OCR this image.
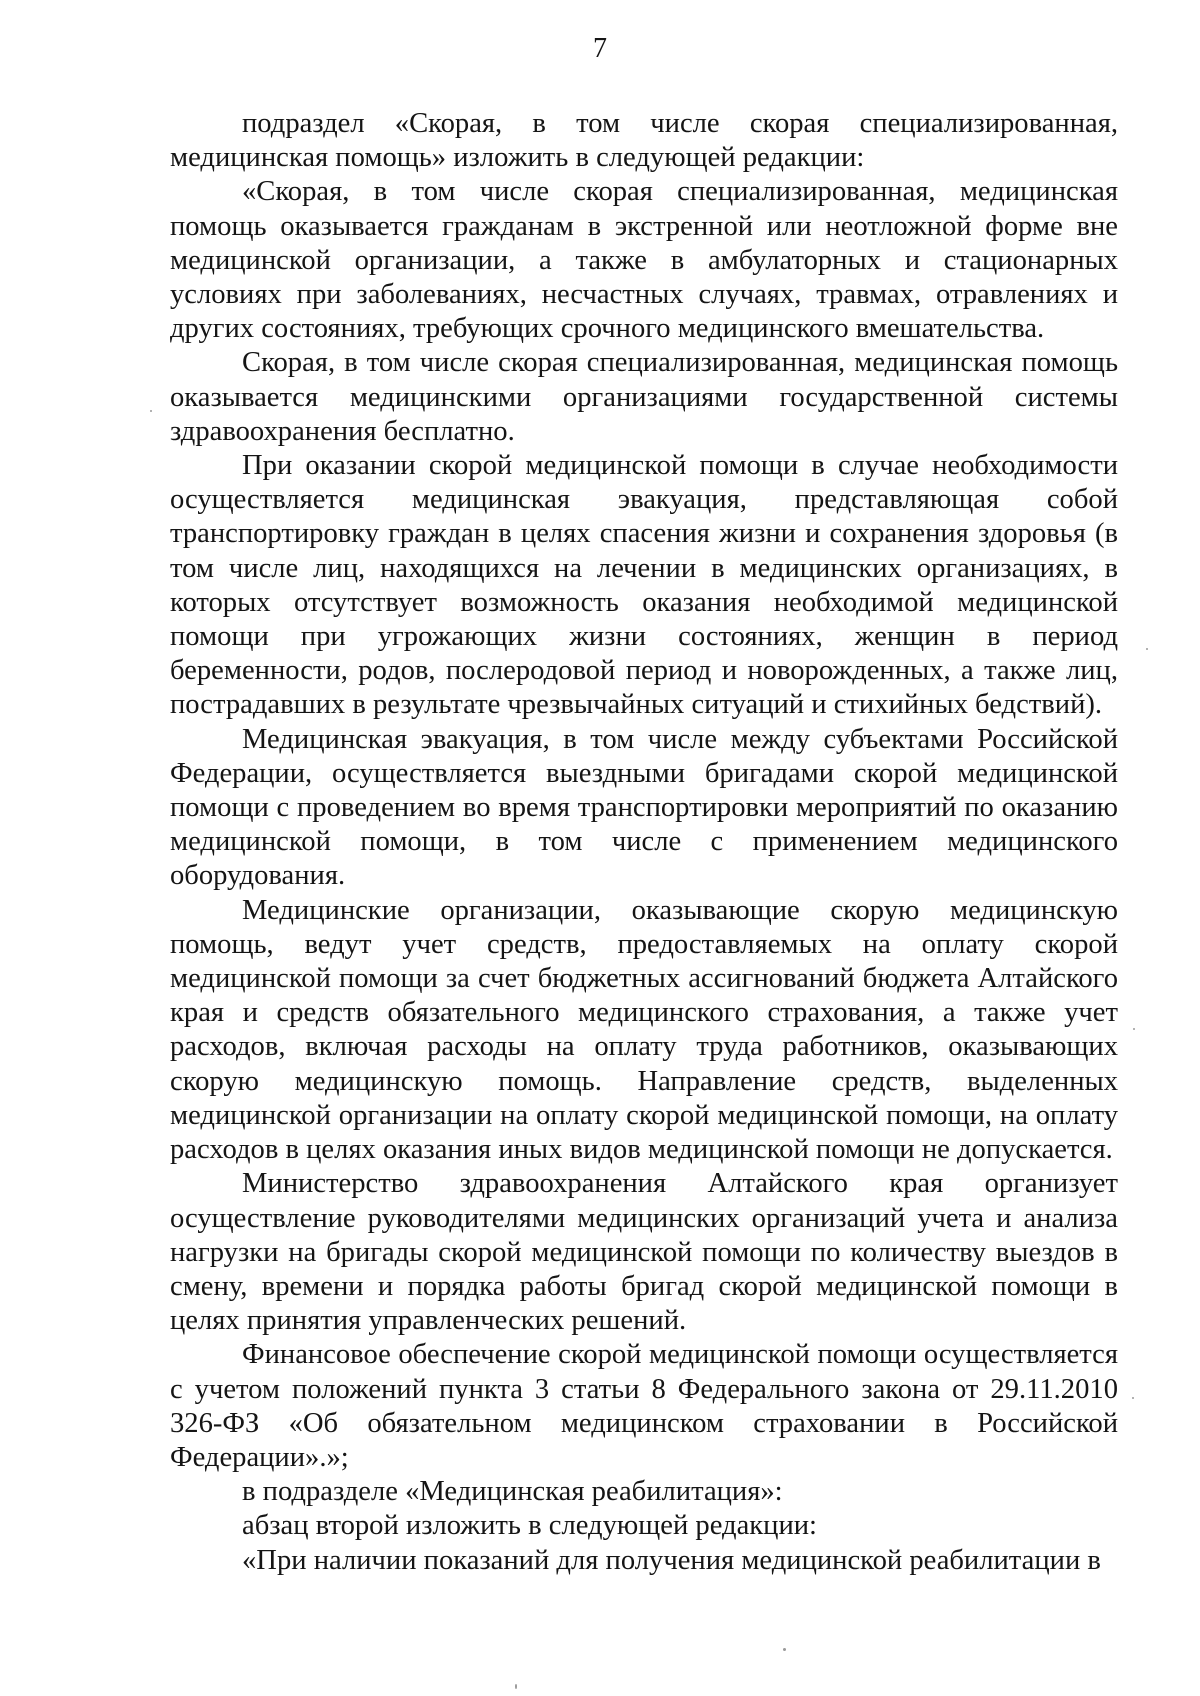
7

подраздел «Скорая, в том числе скорая специализированная, медицинская помощь» изложить в следующей редакции:

«Скорая, в том числе скорая специализированная, медицинская помощь оказывается гражданам в экстренной или неотложной форме вне медицинской организации, а также в амбулаторных и стационарных условиях при заболеваниях, несчастных случаях, травмах, отравлениях и других состояниях, требующих срочного медицинского вмешательства.

Скорая, в том числе скорая специализированная, медицинская помощь оказывается медицинскими организациями государственной системы здравоохранения бесплатно.

При оказании скорой медицинской помощи в случае необходимости осуществляется медицинская эвакуация, представляющая собой транспортировку граждан в целях спасения жизни и сохранения здоровья (в том числе лиц, находящихся на лечении в медицинских организациях, в которых отсутствует возможность оказания необходимой медицинской помощи при угрожающих жизни состояниях, женщин в период беременности, родов, послеродовой период и новорожденных, а также лиц, пострадавших в результате чрезвычайных ситуаций и стихийных бедствий).

Медицинская эвакуация, в том числе между субъектами Российской Федерации, осуществляется выездными бригадами скорой медицинской помощи с проведением во время транспортировки мероприятий по оказанию медицинской помощи, в том числе с применением медицинского оборудования.

Медицинские организации, оказывающие скорую медицинскую помощь, ведут учет средств, предоставляемых на оплату скорой медицинской помощи за счет бюджетных ассигнований бюджета Алтайского края и средств обязательного медицинского страхования, а также учет расходов, включая расходы на оплату труда работников, оказывающих скорую медицинскую помощь. Направление средств, выделенных медицинской организации на оплату скорой медицинской помощи, на оплату расходов в целях оказания иных видов медицинской помощи не допускается.

Министерство здравоохранения Алтайского края организует осуществление руководителями медицинских организаций учета и анализа нагрузки на бригады скорой медицинской помощи по количеству выездов в смену, времени и порядка работы бригад скорой медицинской помощи в целях принятия управленческих решений.

Финансовое обеспечение скорой медицинской помощи осуществляется с учетом положений пункта 3 статьи 8 Федерального закона от 29.11.2010 326-ФЗ «Об обязательном медицинском страховании в Российской Федерации».»;

в подразделе «Медицинская реабилитация»:

абзац второй изложить в следующей редакции:

«При наличии показаний для получения медицинской реабилитации в
